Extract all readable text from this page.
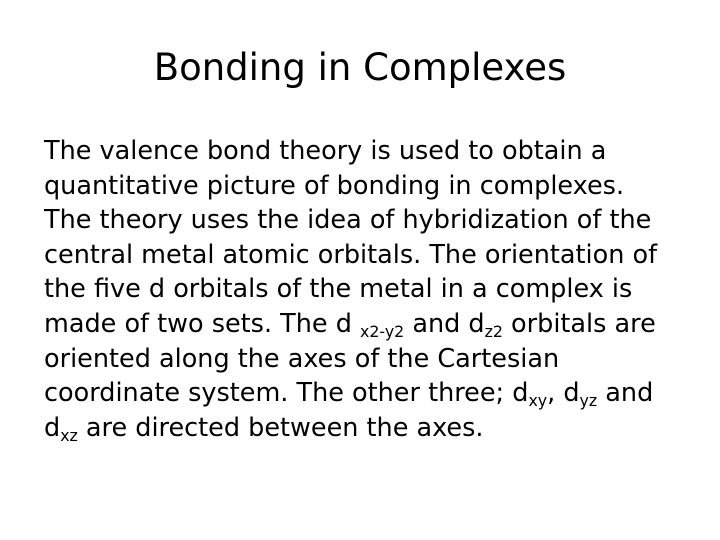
Bonding in Complexes
The valence bond theory is used to obtain a
quantitative picture of bonding in complexes.
The theory uses the idea of hybridization of the
central metal atomic orbitals. The orientation of
the five d orbitals of the metal in a complex is
made of two sets. The d x2-y2 and dz2 orbitals are
oriented along the axes of the Cartesian
coordinate system. The other three; dxy, dyz and
dxz are directed between the axes.
